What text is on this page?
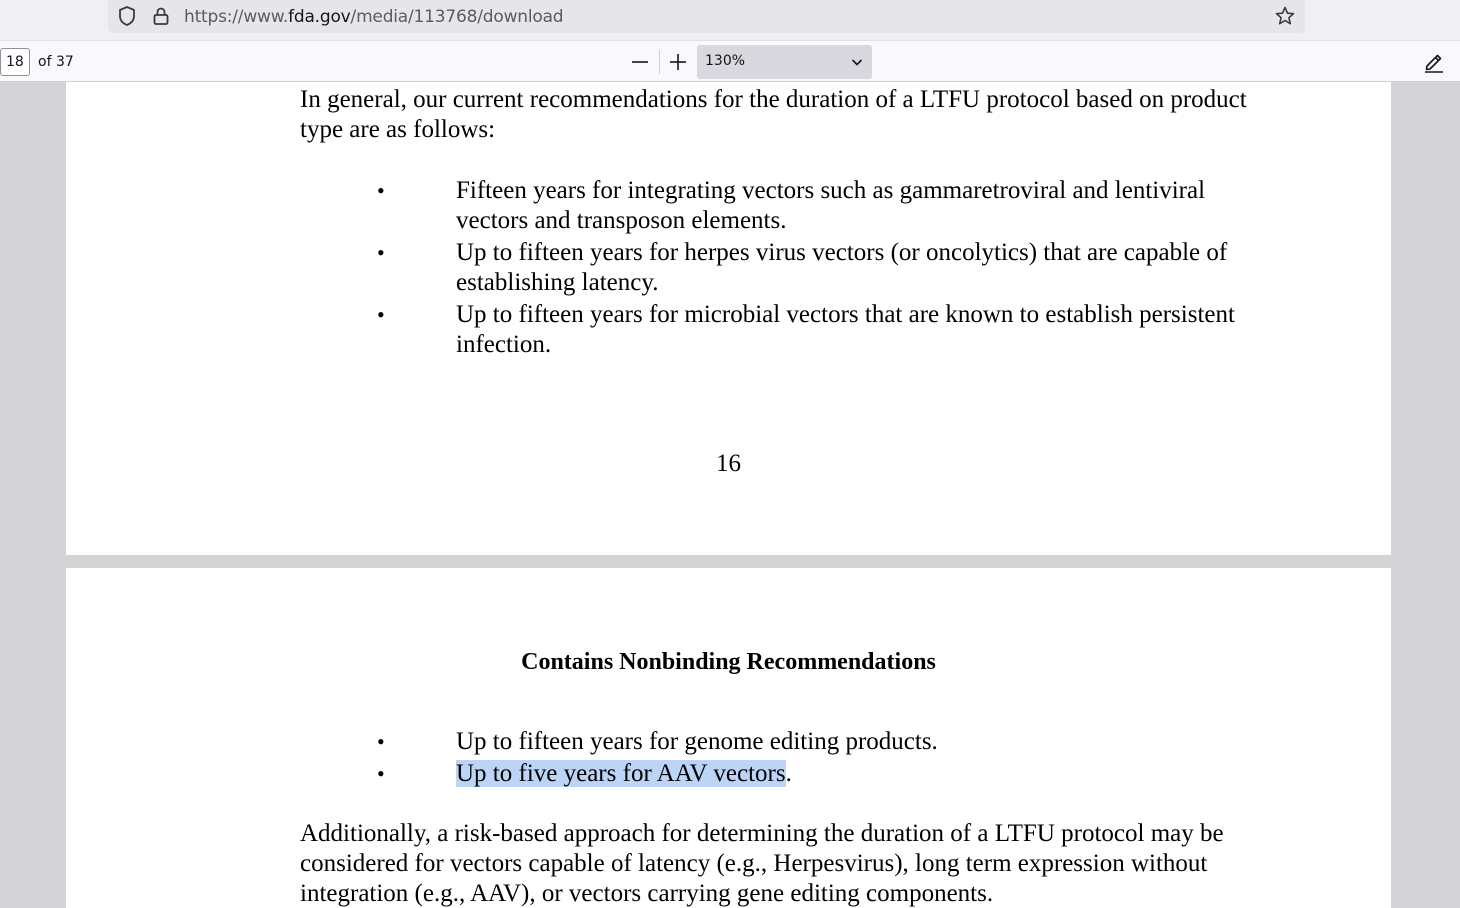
https://www.fda.gov/media/113768/download
18	of 37	130%
In general, our current recommendations for the duration of a LTFU protocol based on product type are as follows:
•	Fifteen years for integrating vectors such as gammaretroviral and lentiviral vectors and transposon elements.
•	Up to fifteen years for herpes virus vectors (or oncolytics) that are capable of establishing latency.
•	Up to fifteen years for microbial vectors that are known to establish persistent infection.
16
Contains Nonbinding Recommendations
•	Up to fifteen years for genome editing products.
•	Up to five years for AAV vectors.
Additionally, a risk-based approach for determining the duration of a LTFU protocol may be considered for vectors capable of latency (e.g., Herpesvirus), long term expression without integration (e.g., AAV), or vectors carrying gene editing components.
